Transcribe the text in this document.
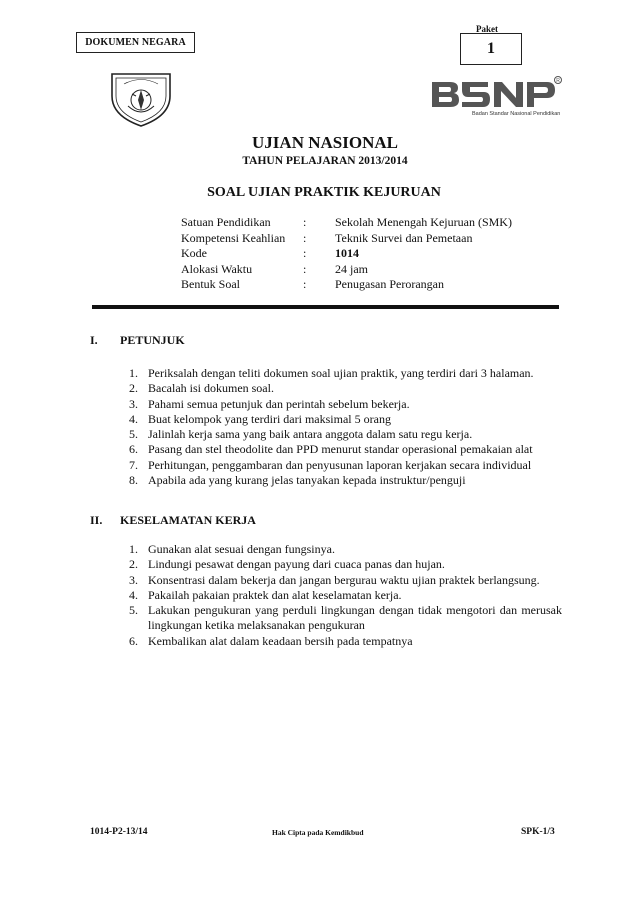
DOKUMEN NEGARA
Paket
1
R
Badan Standar Nasional Pendidikan
UJIAN NASIONAL
TAHUN PELAJARAN 2013/2014
SOAL UJIAN PRAKTIK KEJURUAN
Satuan Pendidikan	:	Sekolah Menengah Kejuruan (SMK)
Kompetensi Keahlian	:	Teknik Survei dan Pemetaan
Kode	:	1014
Alokasi Waktu	:	24 jam
Bentuk Soal	:	Penugasan Perorangan
I. PETUNJUK
1. Periksalah dengan teliti dokumen soal ujian praktik, yang terdiri dari 3 halaman.
2. Bacalah isi dokumen soal.
3. Pahami semua petunjuk dan perintah sebelum bekerja.
4. Buat kelompok yang terdiri dari maksimal 5 orang
5. Jalinlah kerja sama yang baik antara anggota dalam satu regu kerja.
6. Pasang dan stel theodolite dan PPD menurut standar operasional pemakaian alat
7. Perhitungan, penggambaran dan penyusunan laporan kerjakan secara individual
8. Apabila ada yang kurang jelas tanyakan kepada instruktur/penguji
II. KESELAMATAN KERJA
1. Gunakan alat sesuai dengan fungsinya.
2. Lindungi pesawat dengan payung dari cuaca panas dan hujan.
3. Konsentrasi dalam bekerja dan jangan bergurau waktu ujian praktek berlangsung.
4. Pakailah pakaian praktek dan alat keselamatan kerja.
5. Lakukan pengukuran yang perduli lingkungan dengan tidak mengotori dan merusak lingkungan ketika melaksanakan pengukuran
6. Kembalikan alat dalam keadaan bersih pada tempatnya
1014-P2-13/14	Hak Cipta pada Kemdikbud	SPK-1/3
